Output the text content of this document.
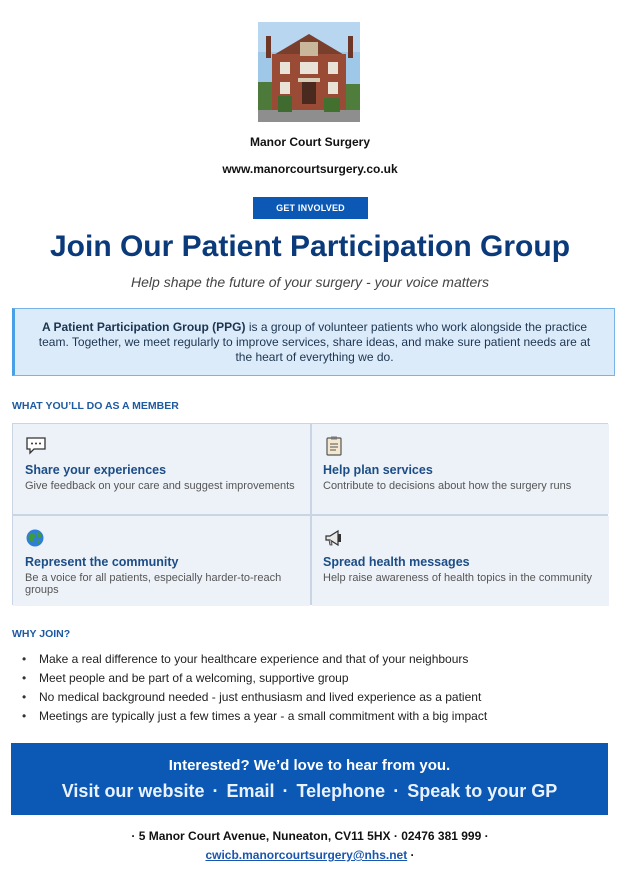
Manor Court Surgery
www.manorcourtsurgery.co.uk
GET INVOLVED
Join Our Patient Participation Group
Help shape the future of your surgery - your voice matters
A Patient Participation Group (PPG) is a group of volunteer patients who work alongside the practice team. Together, we meet regularly to improve services, share ideas, and make sure patient needs are at the heart of everything we do.
WHAT YOU’LL DO AS A MEMBER
Share your experiences
Give feedback on your care and suggest improvements
Help plan services
Contribute to decisions about how the surgery runs
Represent the community
Be a voice for all patients, especially harder-to-reach groups
Spread health messages
Help raise awareness of health topics in the community
WHY JOIN?
• Make a real difference to your healthcare experience and that of your neighbours
• Meet people and be part of a welcoming, supportive group
• No medical background needed - just enthusiasm and lived experience as a patient
• Meetings are typically just a few times a year - a small commitment with a big impact
Interested? We’d love to hear from you.
Visit our website · Email · Telephone · Speak to your GP
· 5 Manor Court Avenue, Nuneaton, CV11 5HX · 02476 381 999 ·
cwicb.manorcourtsurgery@nhs.net ·
